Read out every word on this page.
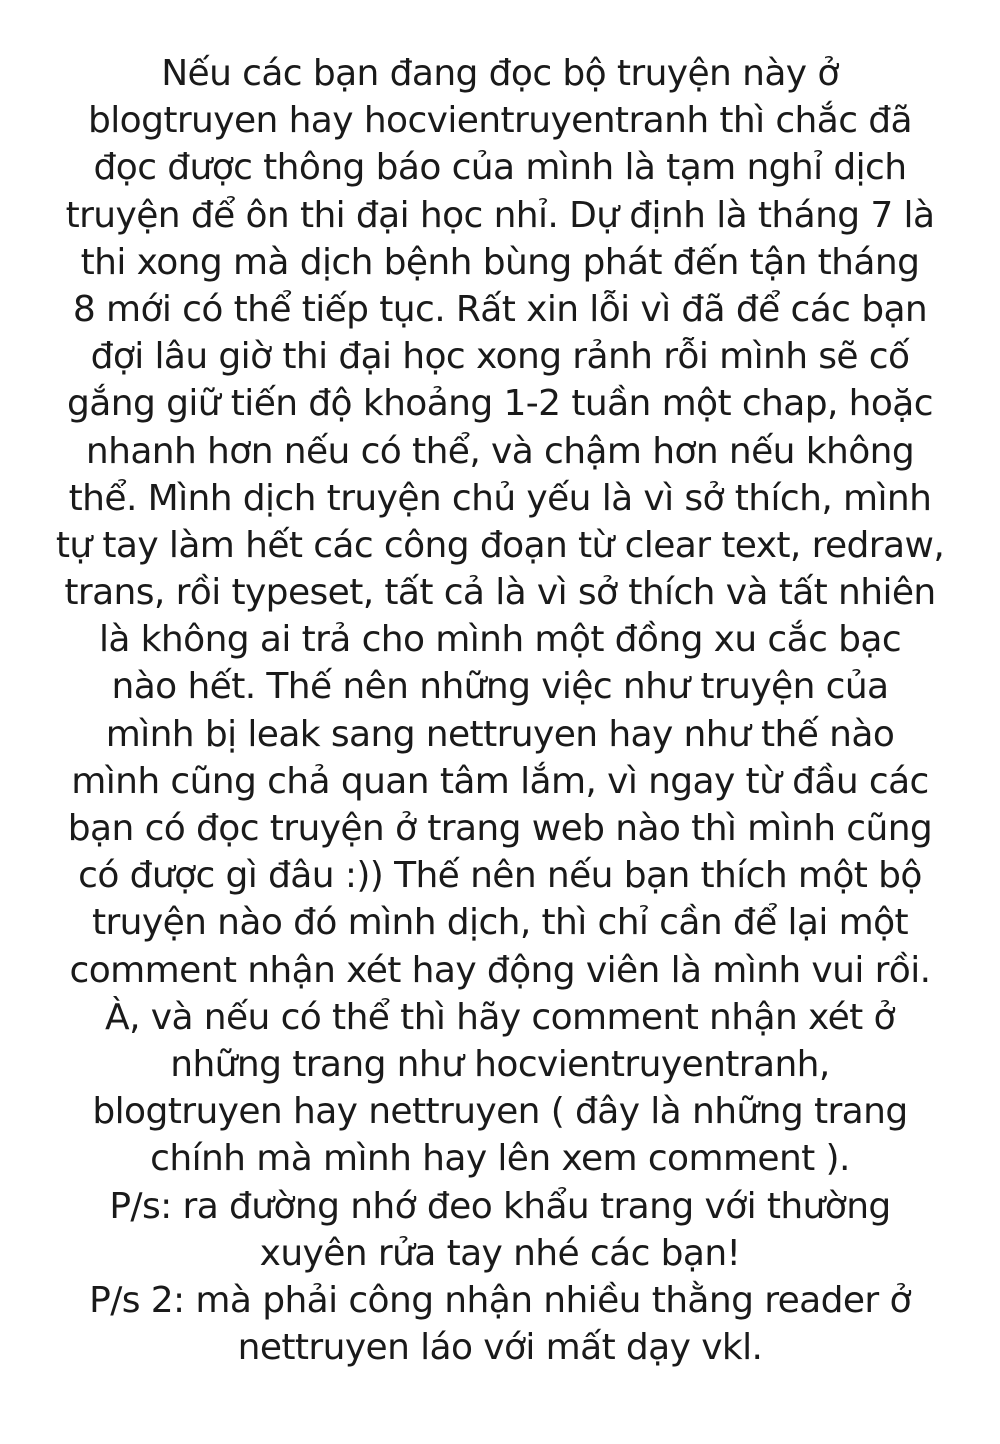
Nếu các bạn đang đọc bộ truyện này ở
blogtruyen hay hocvientruyentranh thì chắc đã
đọc được thông báo của mình là tạm nghỉ dịch
truyện để ôn thi đại học nhỉ. Dự định là tháng 7 là
thi xong mà dịch bệnh bùng phát đến tận tháng
8 mới có thể tiếp tục. Rất xin lỗi vì đã để các bạn
đợi lâu giờ thi đại học xong rảnh rỗi mình sẽ cố
gắng giữ tiến độ khoảng 1-2 tuần một chap, hoặc
nhanh hơn nếu có thể, và chậm hơn nếu không
thể. Mình dịch truyện chủ yếu là vì sở thích, mình
tự tay làm hết các công đoạn từ clear text, redraw,
trans, rồi typeset, tất cả là vì sở thích và tất nhiên
là không ai trả cho mình một đồng xu cắc bạc
nào hết. Thế nên những việc như truyện của
mình bị leak sang nettruyen hay như thế nào
mình cũng chả quan tâm lắm, vì ngay từ đầu các
bạn có đọc truyện ở trang web nào thì mình cũng
có được gì đâu :)) Thế nên nếu bạn thích một bộ
truyện nào đó mình dịch, thì chỉ cần để lại một
comment nhận xét hay động viên là mình vui rồi.
À, và nếu có thể thì hãy comment nhận xét ở
những trang như hocvientruyentranh,
blogtruyen hay nettruyen ( đây là những trang
chính mà mình hay lên xem comment ).
P/s: ra đường nhớ đeo khẩu trang với thường
xuyên rửa tay nhé các bạn!
P/s 2: mà phải công nhận nhiều thằng reader ở
nettruyen láo với mất dạy vkl.
